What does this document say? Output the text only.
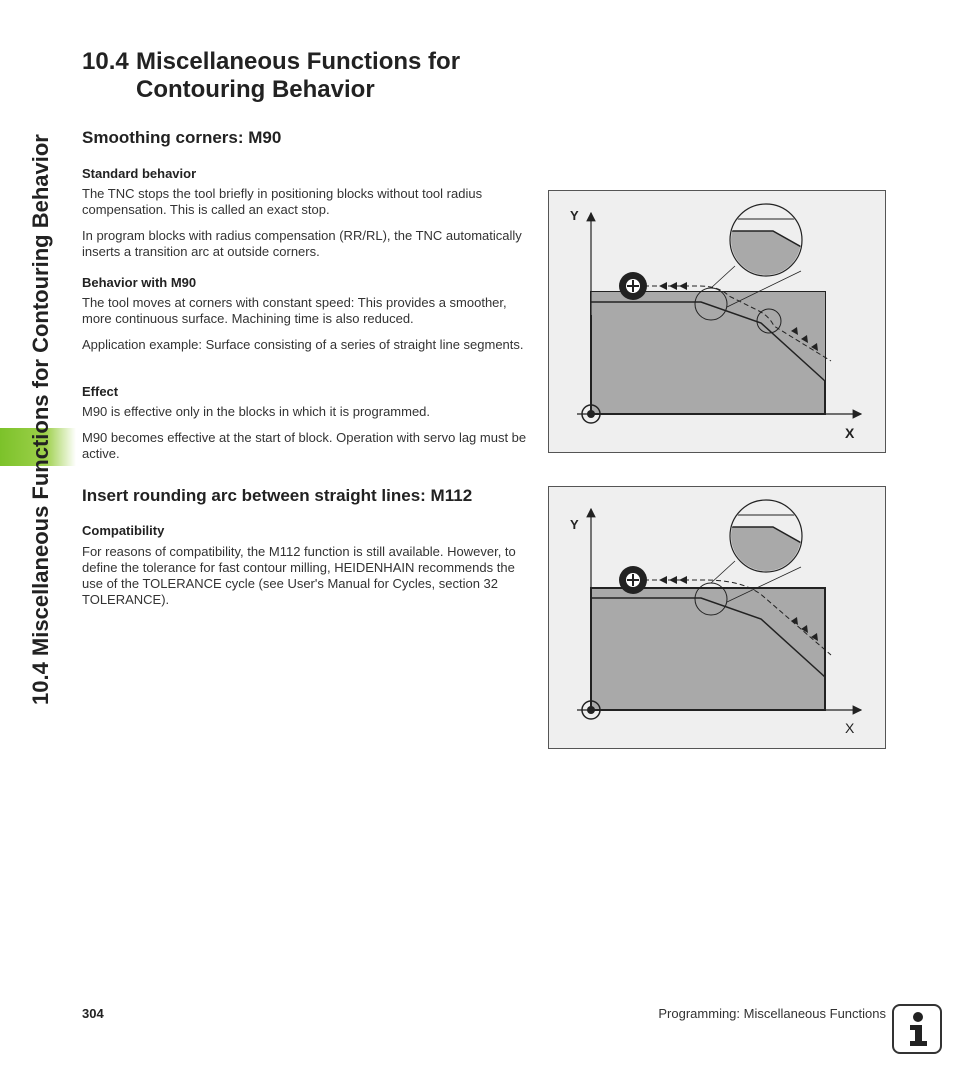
10.4 Miscellaneous Functions for Contouring Behavior
10.4 Miscellaneous Functions for
Contouring Behavior
Smoothing corners: M90
Standard behavior

The TNC stops the tool briefly in positioning blocks without tool radius compensation. This is called an exact stop.

In program blocks with radius compensation (RR/RL), the TNC automatically inserts a transition arc at outside corners.

Behavior with M90

The tool moves at corners with constant speed: This provides a smoother, more continuous surface. Machining time is also reduced.

Application example: Surface consisting of a series of straight line segments.

Effect

M90 is effective only in the blocks in which it is programmed.

M90 becomes effective at the start of block. Operation with servo lag must be active.

Insert rounding arc between straight lines: M112
Compatibility

For reasons of compatibility, the M112 function is still available. However, to define the tolerance for fast contour milling, HEIDENHAIN recommends the use of the TOLERANCE cycle (see User's Manual for Cycles, section 32 TOLERANCE).

Y
X
Y
X
304	Programming: Miscellaneous Functions
